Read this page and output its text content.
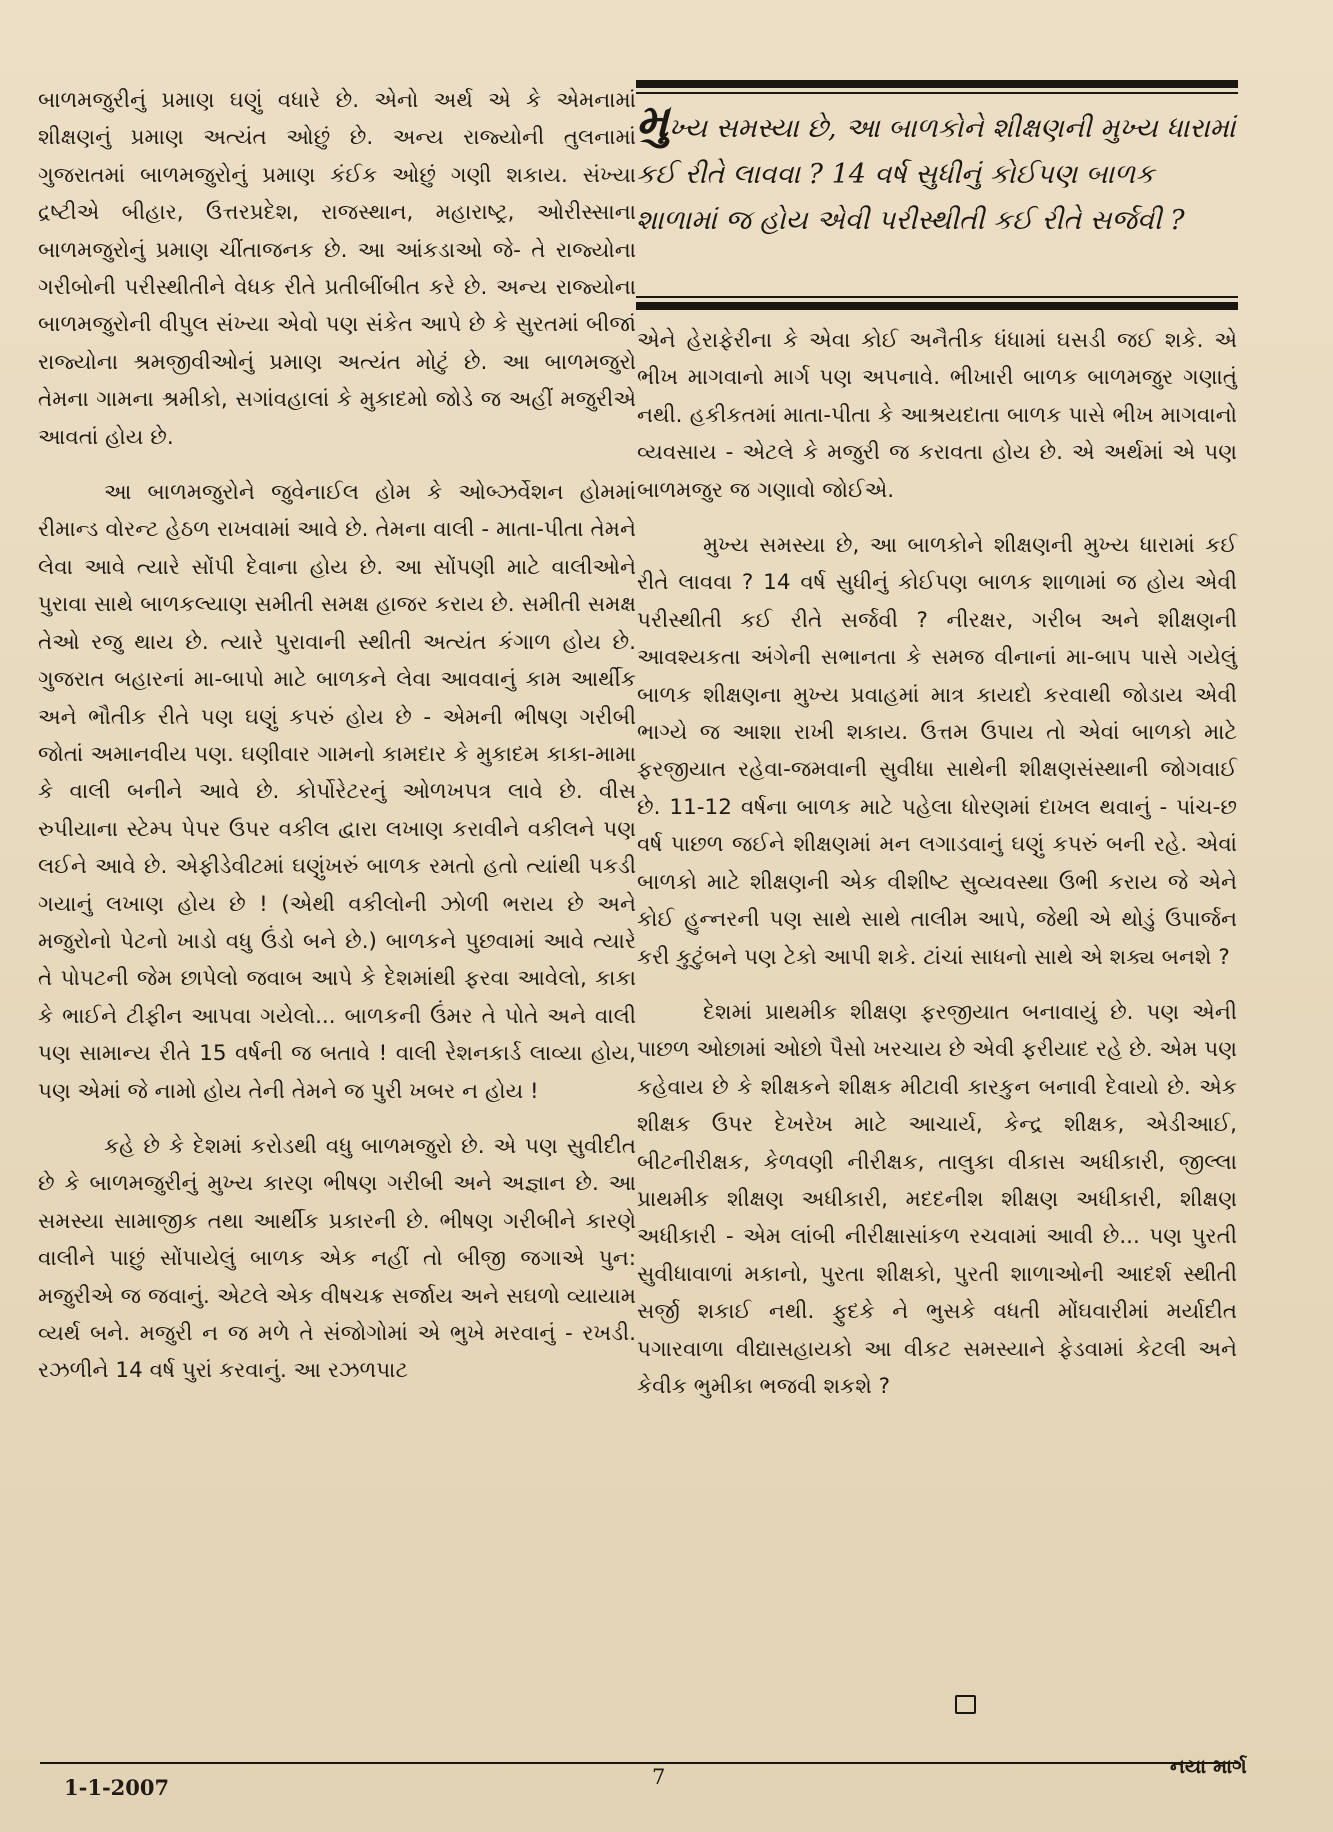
બાળમજુરીનું પ્રમાણ ઘણું વધારે છે. એનો અર્થ એ કે એમનામાં શીક્ષણનું પ્રમાણ અત્યંત ઓછું છે. અન્ય રાજ્યોની તુલનામાં ગુજરાતમાં બાળમજુરોનું પ્રમાણ કંઈક ઓછું ગણી શકાય. સંખ્યા દ્રષ્ટીએ બીહાર, ઉત્તરપ્રદેશ, રાજસ્થાન, મહારાષ્ટ્ર, ઓરીસ્સાના બાળમજુરોનું પ્રમાણ ચીંતાજનક છે. આ આંકડાઓ જે- તે રાજ્યોના ગરીબોની પરીસ્થીતીને વેધક રીતે પ્રતીબીંબીત કરે છે. અન્ય રાજ્યોના બાળમજુરોની વીપુલ સંખ્યા એવો પણ સંકેત આપે છે કે સુરતમાં બીજાં રાજ્યોના શ્રમજીવીઓનું પ્રમાણ અત્યંત મોટું છે. આ બાળમજુરો તેમના ગામના શ્રમીકો, સગાંવહાલાં કે મુકાદમો જોડે જ અહીં મજુરીએ આવતાં હોય છે.

આ બાળમજુરોને જુવેનાઈલ હોમ કે ઓબ્ઝર્વેશન હોમમાં રીમાન્ડ વોરન્ટ હેઠળ રાખવામાં આવે છે. તેમના વાલી - માતા-પીતા તેમને લેવા આવે ત્યારે સોંપી દેવાના હોય છે. આ સોંપણી માટે વાલીઓને પુરાવા સાથે બાળકલ્યાણ સમીતી સમક્ષ હાજર કરાય છે. સમીતી સમક્ષ તેઓ રજુ થાય છે. ત્યારે પુરાવાની સ્થીતી અત્યંત કંગાળ હોય છે. ગુજરાત બહારનાં મા-બાપો માટે બાળકને લેવા આવવાનું કામ આર્થીક અને ભૌતીક રીતે પણ ઘણું કપરું હોય છે - એમની ભીષણ ગરીબી જોતાં અમાનવીય પણ. ઘણીવાર ગામનો કામદાર કે મુકાદમ કાકા-મામા કે વાલી બનીને આવે છે. કોર્પોરેટરનું ઓળખપત્ર લાવે છે. વીસ રુપીયાના સ્ટેમ્પ પેપર ઉપર વકીલ દ્વારા લખાણ કરાવીને વકીલને પણ લઈને આવે છે. એફીડેવીટમાં ઘણુંખરું બાળક રમતો હતો ત્યાંથી પકડી ગયાનું લખાણ હોય છે ! (એથી વકીલોની ઝોળી ભરાય છે અને મજુરોનો પેટનો ખાડો વધુ ઉંડો બને છે.) બાળકને પુછવામાં આવે ત્યારે તે પોપટની જેમ છાપેલો જવાબ આપે કે દેશમાંથી ફરવા આવેલો, કાકા કે ભાઈને ટીફીન આપવા ગયેલો... બાળકની ઉંમર તે પોતે અને વાલી પણ સામાન્ય રીતે 15 વર્ષની જ બતાવે ! વાલી રેશનકાર્ડ લાવ્યા હોય, પણ એમાં જે નામો હોય તેની તેમને જ પુરી ખબર ન હોય !

કહે છે કે દેશમાં કરોડથી વધુ બાળમજુરો છે. એ પણ સુવીદીત છે કે બાળમજુરીનું મુખ્ય કારણ ભીષણ ગરીબી અને અજ્ઞાન છે. આ સમસ્યા સામાજીક તથા આર્થીક પ્રકારની છે. ભીષણ ગરીબીને કારણે વાલીને પાછું સોંપાયેલું બાળક એક નહીં તો બીજી જગાએ પુન: મજુરીએ જ જવાનું. એટલે એક વીષચક્ર સર્જાય અને સઘળો વ્યાયામ વ્યર્થ બને. મજુરી ન જ મળે તે સંજોગોમાં એ ભુખે મરવાનું - રખડી. રઝળીને 14 વર્ષ પુરાં કરવાનું. આ રઝળપાટ

મુખ્ય સમસ્યા છે, આ બાળકોને શીક્ષણની મુખ્ય ધારામાં કઈ રીતે લાવવા ? 14 વર્ષ સુધીનું કોઈપણ બાળક શાળામાં જ હોય એવી પરીસ્થીતી કઈ રીતે સર્જવી ?

એને હેરાફેરીના કે એવા કોઈ અનૈતીક ધંધામાં ઘસડી જઈ શકે. એ ભીખ માગવાનો માર્ગ પણ અપનાવે. ભીખારી બાળક બાળમજુર ગણાતું નથી. હકીકતમાં માતા-પીતા કે આશ્રયદાતા બાળક પાસે ભીખ માગવાનો વ્યવસાય - એટલે કે મજુરી જ કરાવતા હોય છે. એ અર્થમાં એ પણ બાળમજુર જ ગણાવો જોઈએ.

મુખ્ય સમસ્યા છે, આ બાળકોને શીક્ષણની મુખ્ય ધારામાં કઈ રીતે લાવવા ? 14 વર્ષ સુધીનું કોઈપણ બાળક શાળામાં જ હોય એવી પરીસ્થીતી કઈ રીતે સર્જવી ? નીરક્ષર, ગરીબ અને શીક્ષણની આવશ્યકતા અંગેની સભાનતા કે સમજ વીનાનાં મા-બાપ પાસે ગયેલું બાળક શીક્ષણના મુખ્ય પ્રવાહમાં માત્ર કાયદો કરવાથી જોડાય એવી ભાગ્યે જ આશા રાખી શકાય. ઉત્તમ ઉપાય તો એવાં બાળકો માટે ફરજીયાત રહેવા-જમવાની સુવીધા સાથેની શીક્ષણસંસ્થાની જોગવાઈ છે. 11-12 વર્ષના બાળક માટે પહેલા ધોરણમાં દાખલ થવાનું - પાંચ-છ વર્ષ પાછળ જઈને શીક્ષણમાં મન લગાડવાનું ઘણું કપરું બની રહે. એવાં બાળકો માટે શીક્ષણની એક વીશીષ્ટ સુવ્યવસ્થા ઉભી કરાય જે એને કોઈ હુન્નરની પણ સાથે સાથે તાલીમ આપે, જેથી એ થોડું ઉપાર્જન કરી કુટુંબને પણ ટેકો આપી શકે. ટાંચાં સાધનો સાથે એ શક્ય બનશે ?

દેશમાં પ્રાથમીક શીક્ષણ ફરજીયાત બનાવાયું છે. પણ એની પાછળ ઓછામાં ઓછો પૈસો ખરચાય છે એવી ફરીયાદ રહે છે. એમ પણ કહેવાય છે કે શીક્ષકને શીક્ષક મીટાવી કારકુન બનાવી દેવાયો છે. એક શીક્ષક ઉપર દેખરેખ માટે આચાર્ય, કેન્દ્ર શીક્ષક, એડીઆઈ, બીટનીરીક્ષક, કેળવણી નીરીક્ષક, તાલુકા વીકાસ અધીકારી, જીલ્લા પ્રાથમીક શીક્ષણ અધીકારી, મદદનીશ શીક્ષણ અધીકારી, શીક્ષણ અધીકારી - એમ લાંબી નીરીક્ષાસાંકળ રચવામાં આવી છે... પણ પુરતી સુવીધાવાળાં મકાનો, પુરતા શીક્ષકો, પુરતી શાળાઓની આદર્શ સ્થીતી સર્જી શકાઈ નથી. ફુદકે ને ભુસકે વધતી મોંઘવારીમાં મર્યાદીત પગારવાળા વીદ્યાસહાયકો આ વીકટ સમસ્યાને ફેડવામાં કેટલી અને કેવીક ભુમીકા ભજવી શકશે ?

1-1-2007	7	નયા માર્ગ
